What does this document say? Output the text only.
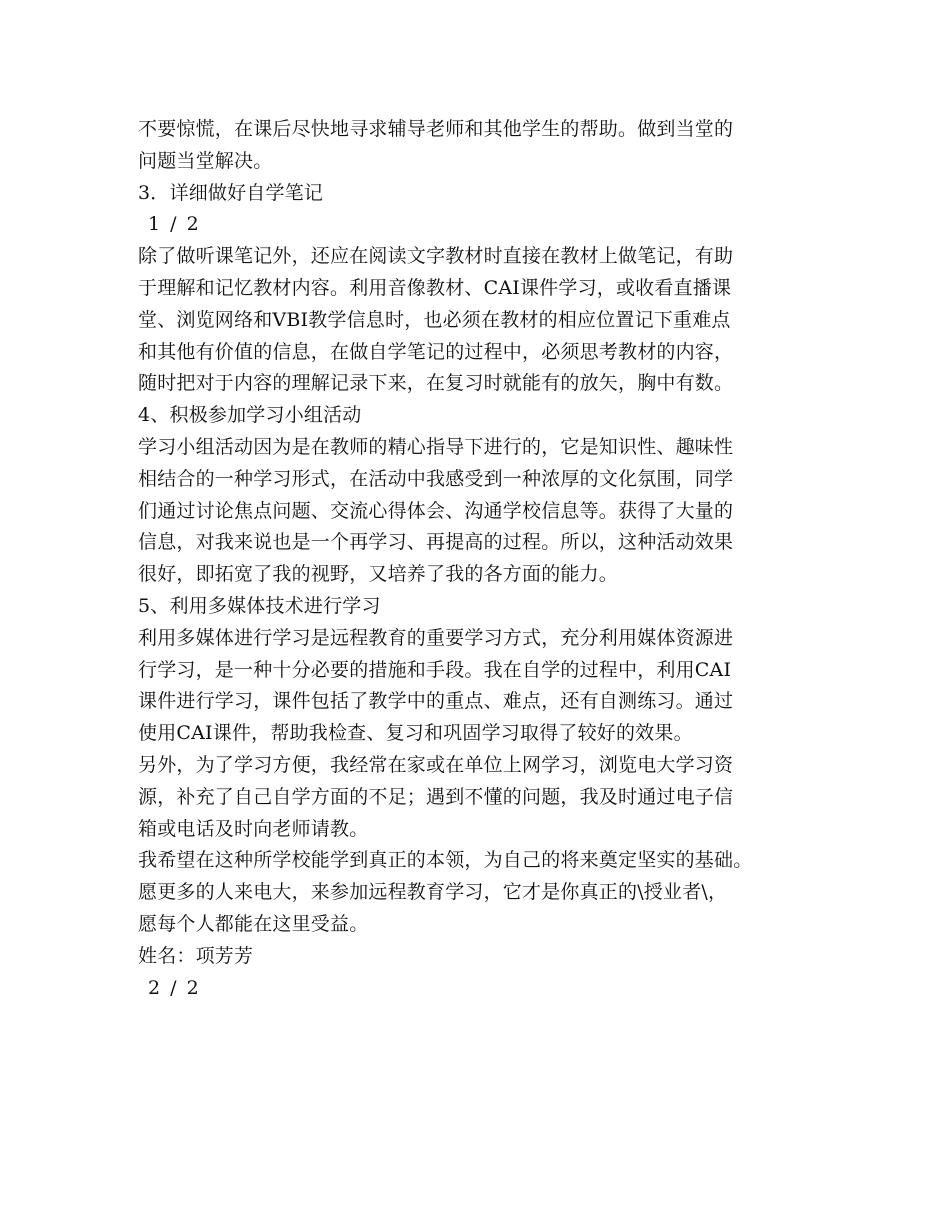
不要惊慌，在课后尽快地寻求辅导老师和其他学生的帮助。做到当堂的
问题当堂解决。
3．详细做好自学笔记
1 / 2
除了做听课笔记外，还应在阅读文字教材时直接在教材上做笔记，有助
于理解和记忆教材内容。利用音像教材、CAI课件学习，或收看直播课
堂、浏览网络和VBI教学信息时，也必须在教材的相应位置记下重难点
和其他有价值的信息，在做自学笔记的过程中，必须思考教材的内容，
随时把对于内容的理解记录下来，在复习时就能有的放矢，胸中有数。
4、积极参加学习小组活动
学习小组活动因为是在教师的精心指导下进行的，它是知识性、趣味性
相结合的一种学习形式，在活动中我感受到一种浓厚的文化氛围，同学
们通过讨论焦点问题、交流心得体会、沟通学校信息等。获得了大量的
信息，对我来说也是一个再学习、再提高的过程。所以，这种活动效果
很好，即拓宽了我的视野，又培养了我的各方面的能力。
5、利用多媒体技术进行学习
利用多媒体进行学习是远程教育的重要学习方式，充分利用媒体资源进
行学习，是一种十分必要的措施和手段。我在自学的过程中，利用CAI
课件进行学习，课件包括了教学中的重点、难点，还有自测练习。通过
使用CAI课件，帮助我检查、复习和巩固学习取得了较好的效果。
另外，为了学习方便，我经常在家或在单位上网学习，浏览电大学习资
源，补充了自己自学方面的不足；遇到不懂的问题，我及时通过电子信
箱或电话及时向老师请教。
我希望在这种所学校能学到真正的本领，为自己的将来奠定坚实的基础。
愿更多的人来电大，来参加远程教育学习，它才是你真正的\授业者\，
愿每个人都能在这里受益。
姓名：项芳芳
2 / 2
